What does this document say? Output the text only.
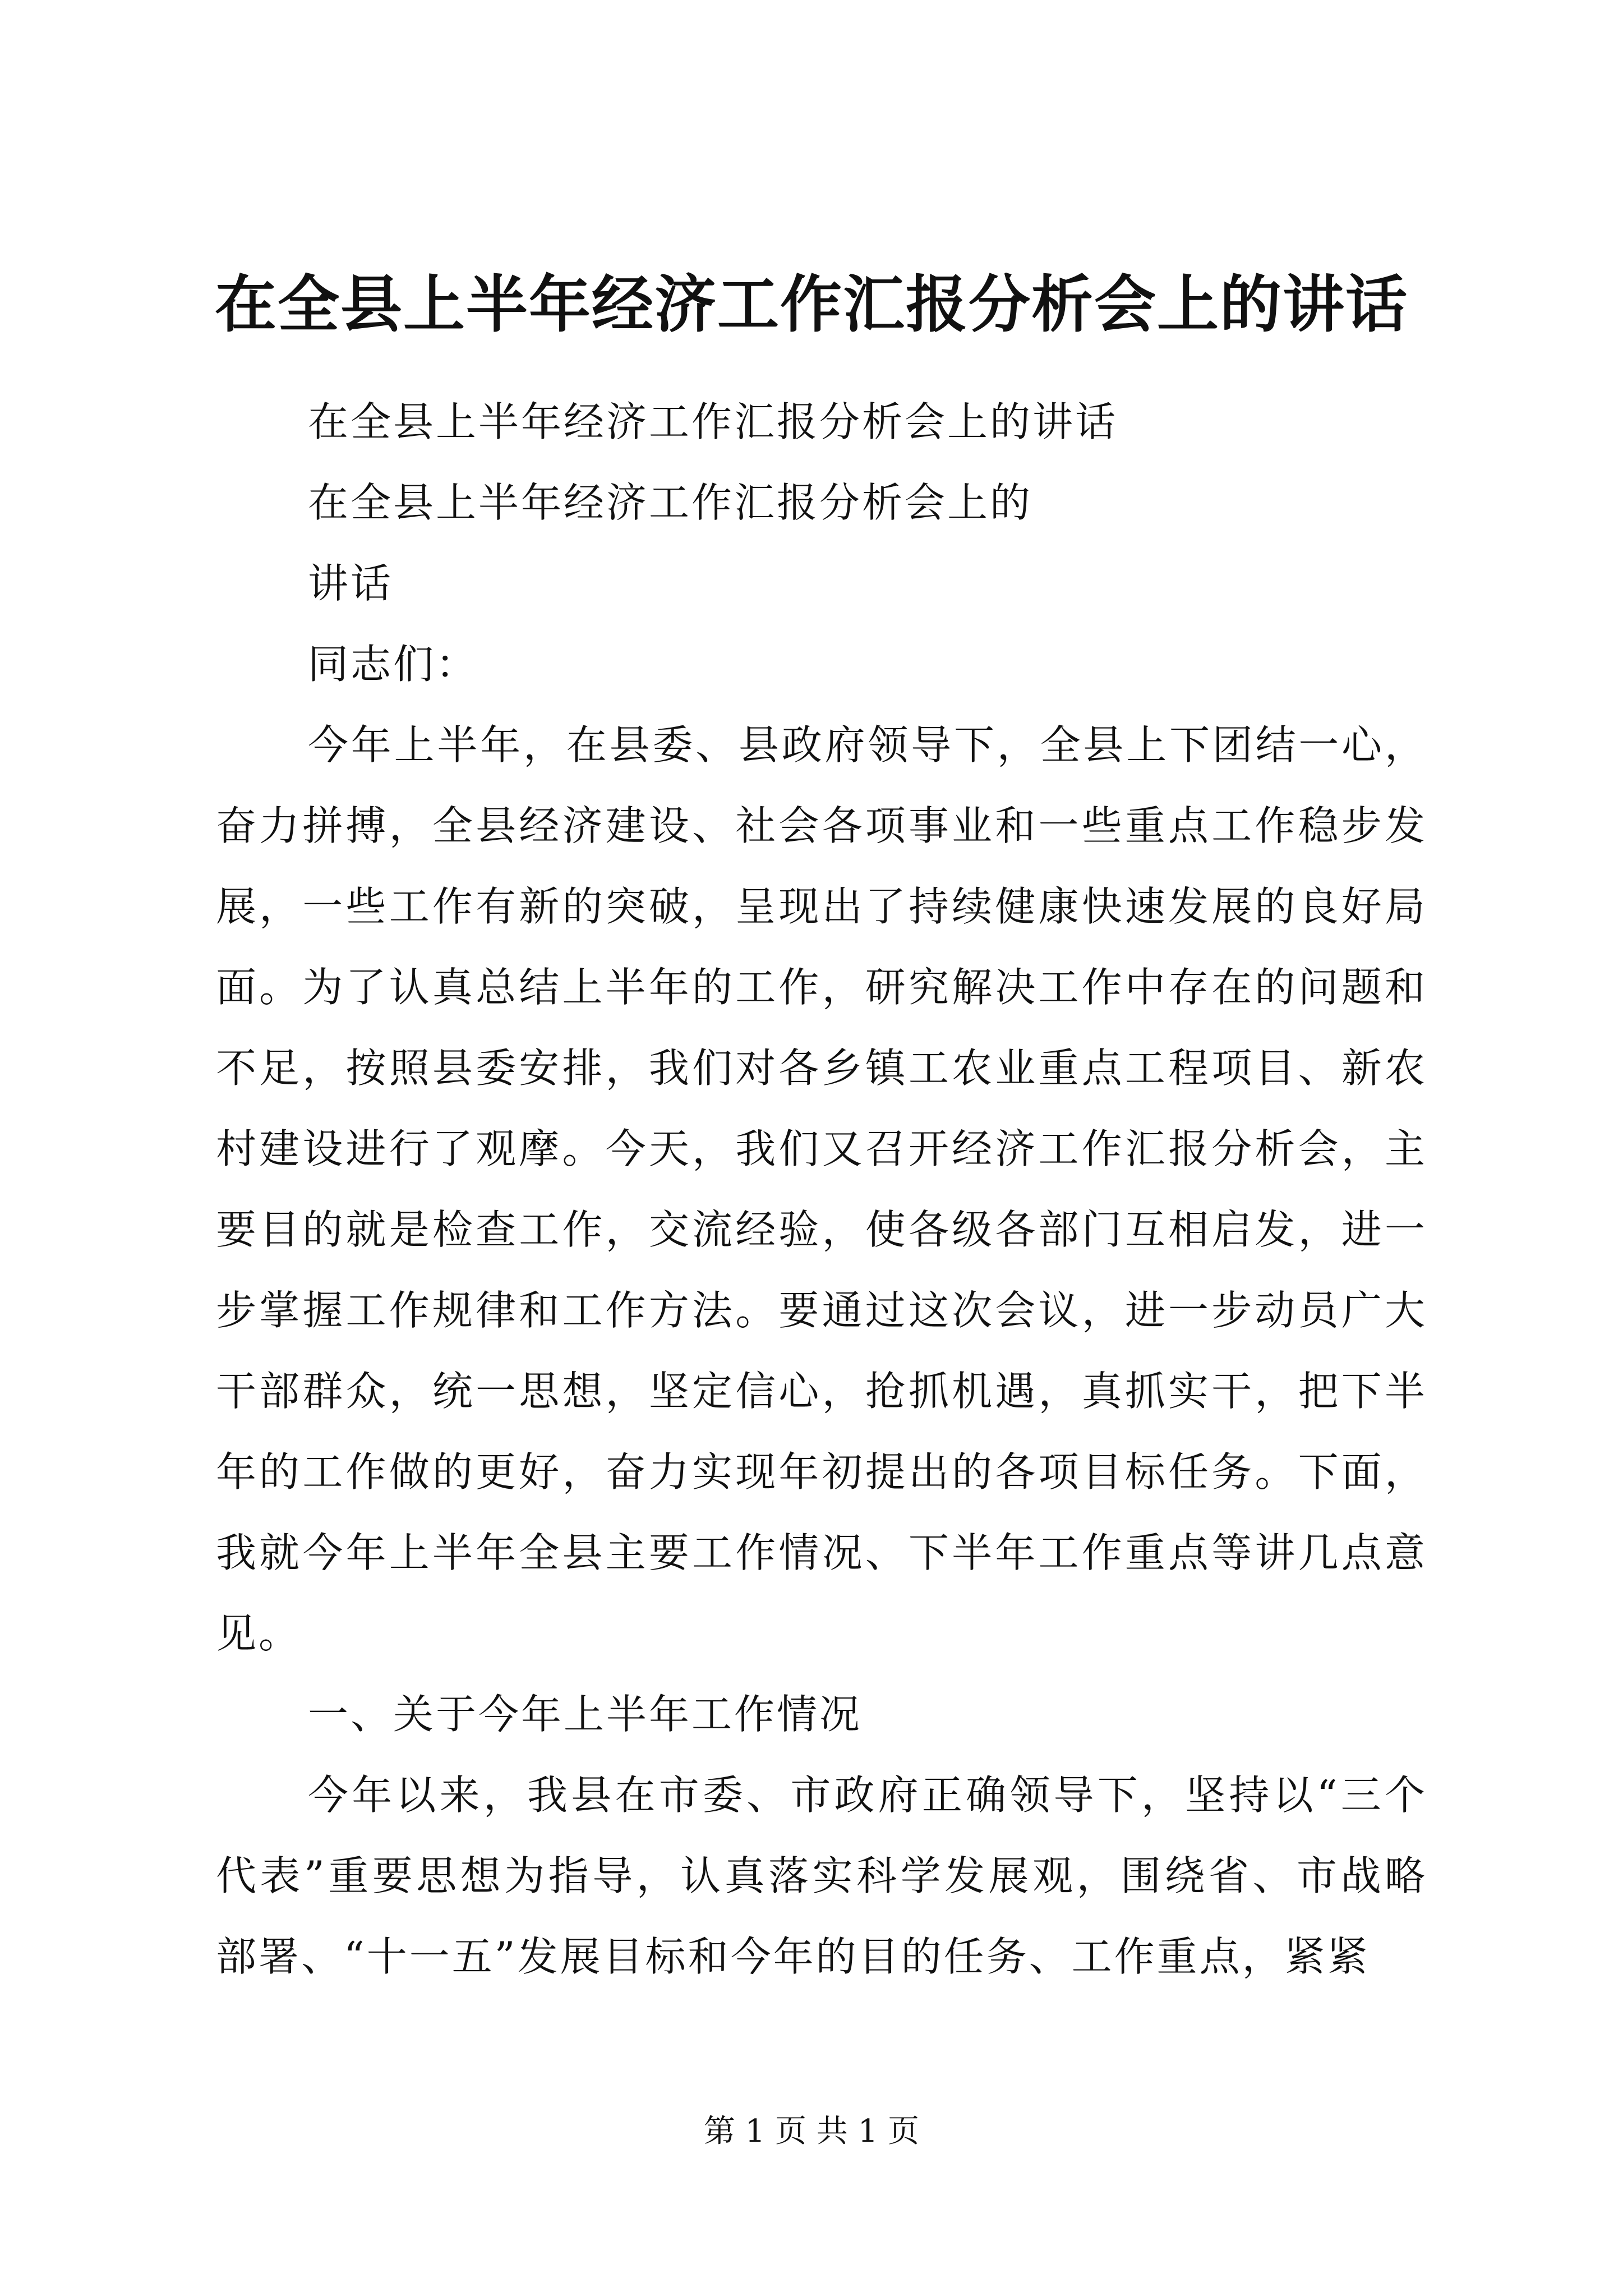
在全县上半年经济工作汇报分析会上的讲话

在全县上半年经济工作汇报分析会上的讲话

在全县上半年经济工作汇报分析会上的

讲话

同志们：

今年上半年，在县委、县政府领导下，全县上下团结一心，奋力拼搏，全县经济建设、社会各项事业和一些重点工作稳步发展，一些工作有新的突破，呈现出了持续健康快速发展的良好局面。为了认真总结上半年的工作，研究解决工作中存在的问题和不足，按照县委安排，我们对各乡镇工农业重点工程项目、新农村建设进行了观摩。今天，我们又召开经济工作汇报分析会，主要目的就是检查工作，交流经验，使各级各部门互相启发，进一步掌握工作规律和工作方法。要通过这次会议，进一步动员广大干部群众，统一思想，坚定信心，抢抓机遇，真抓实干，把下半年的工作做的更好，奋力实现年初提出的各项目标任务。下面，我就今年上半年全县主要工作情况、下半年工作重点等讲几点意见。

一、关于今年上半年工作情况

今年以来，我县在市委、市政府正确领导下，坚持以“三个代表”重要思想为指导，认真落实科学发展观，围绕省、市战略部署、“十一五”发展目标和今年的目的任务、工作重点，紧紧

第 1 页 共 1 页
